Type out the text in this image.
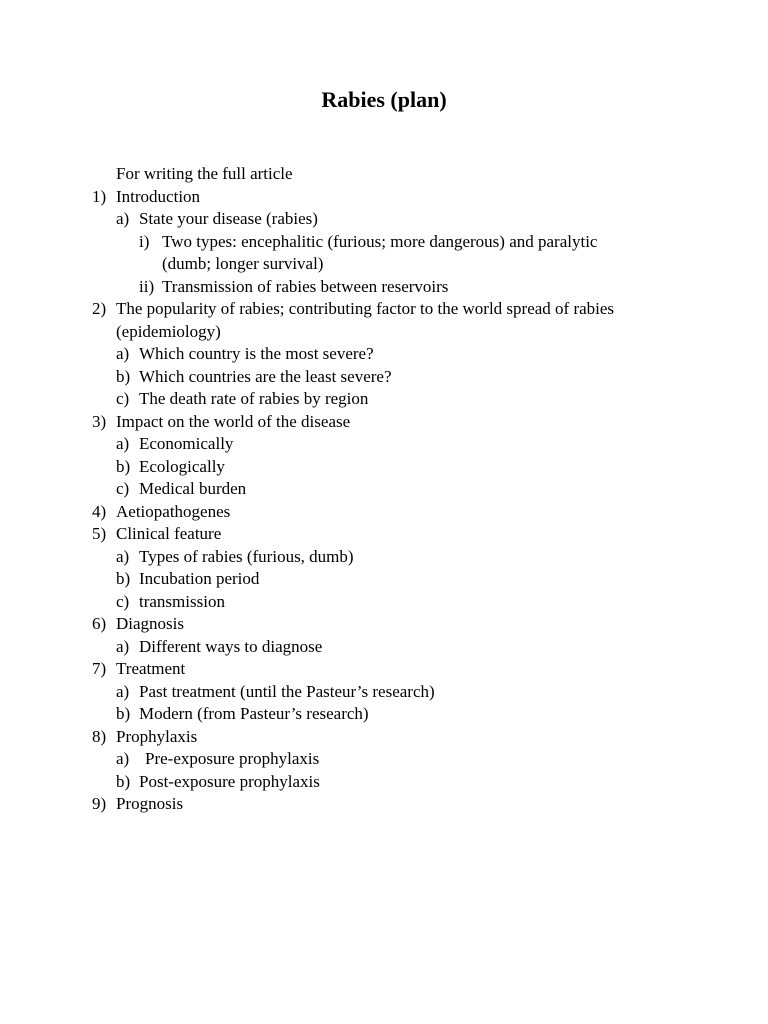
Rabies (plan)
For writing the full article
1) Introduction
a) State your disease (rabies)
i) Two types: encephalitic (furious; more dangerous) and paralytic
(dumb; longer survival)
ii) Transmission of rabies between reservoirs
2) The popularity of rabies; contributing factor to the world spread of rabies
(epidemiology)
a) Which country is the most severe?
b) Which countries are the least severe?
c) The death rate of rabies by region
3) Impact on the world of the disease
a) Economically
b) Ecologically
c) Medical burden
4) Aetiopathogenes
5) Clinical feature
a) Types of rabies (furious, dumb)
b) Incubation period
c) transmission
6) Diagnosis
a) Different ways to diagnose
7) Treatment
a) Past treatment (until the Pasteur’s research)
b) Modern (from Pasteur’s research)
8) Prophylaxis
a) Pre-exposure prophylaxis
b) Post-exposure prophylaxis
9) Prognosis
